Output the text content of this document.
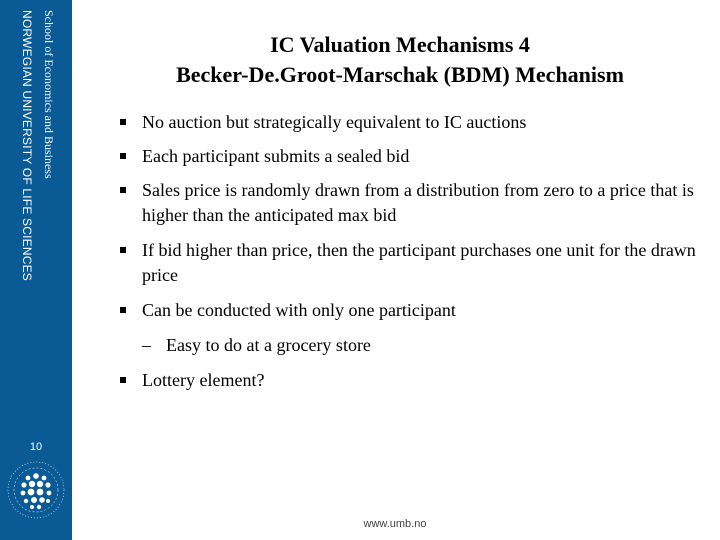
School of Economics and Business
NORWEGIAN UNIVERSITY OF LIFE SCIENCES
10
IC Valuation Mechanisms 4
Becker-De.Groot-Marschak (BDM) Mechanism
No auction but strategically equivalent to IC auctions
Each participant submits a sealed bid
Sales price is randomly drawn from a distribution from zero to a price that is higher than the anticipated max bid
If bid higher than price, then the participant purchases one unit for the drawn price
Can be conducted with only one participant
– Easy to do at a grocery store
Lottery element?
www.umb.no
